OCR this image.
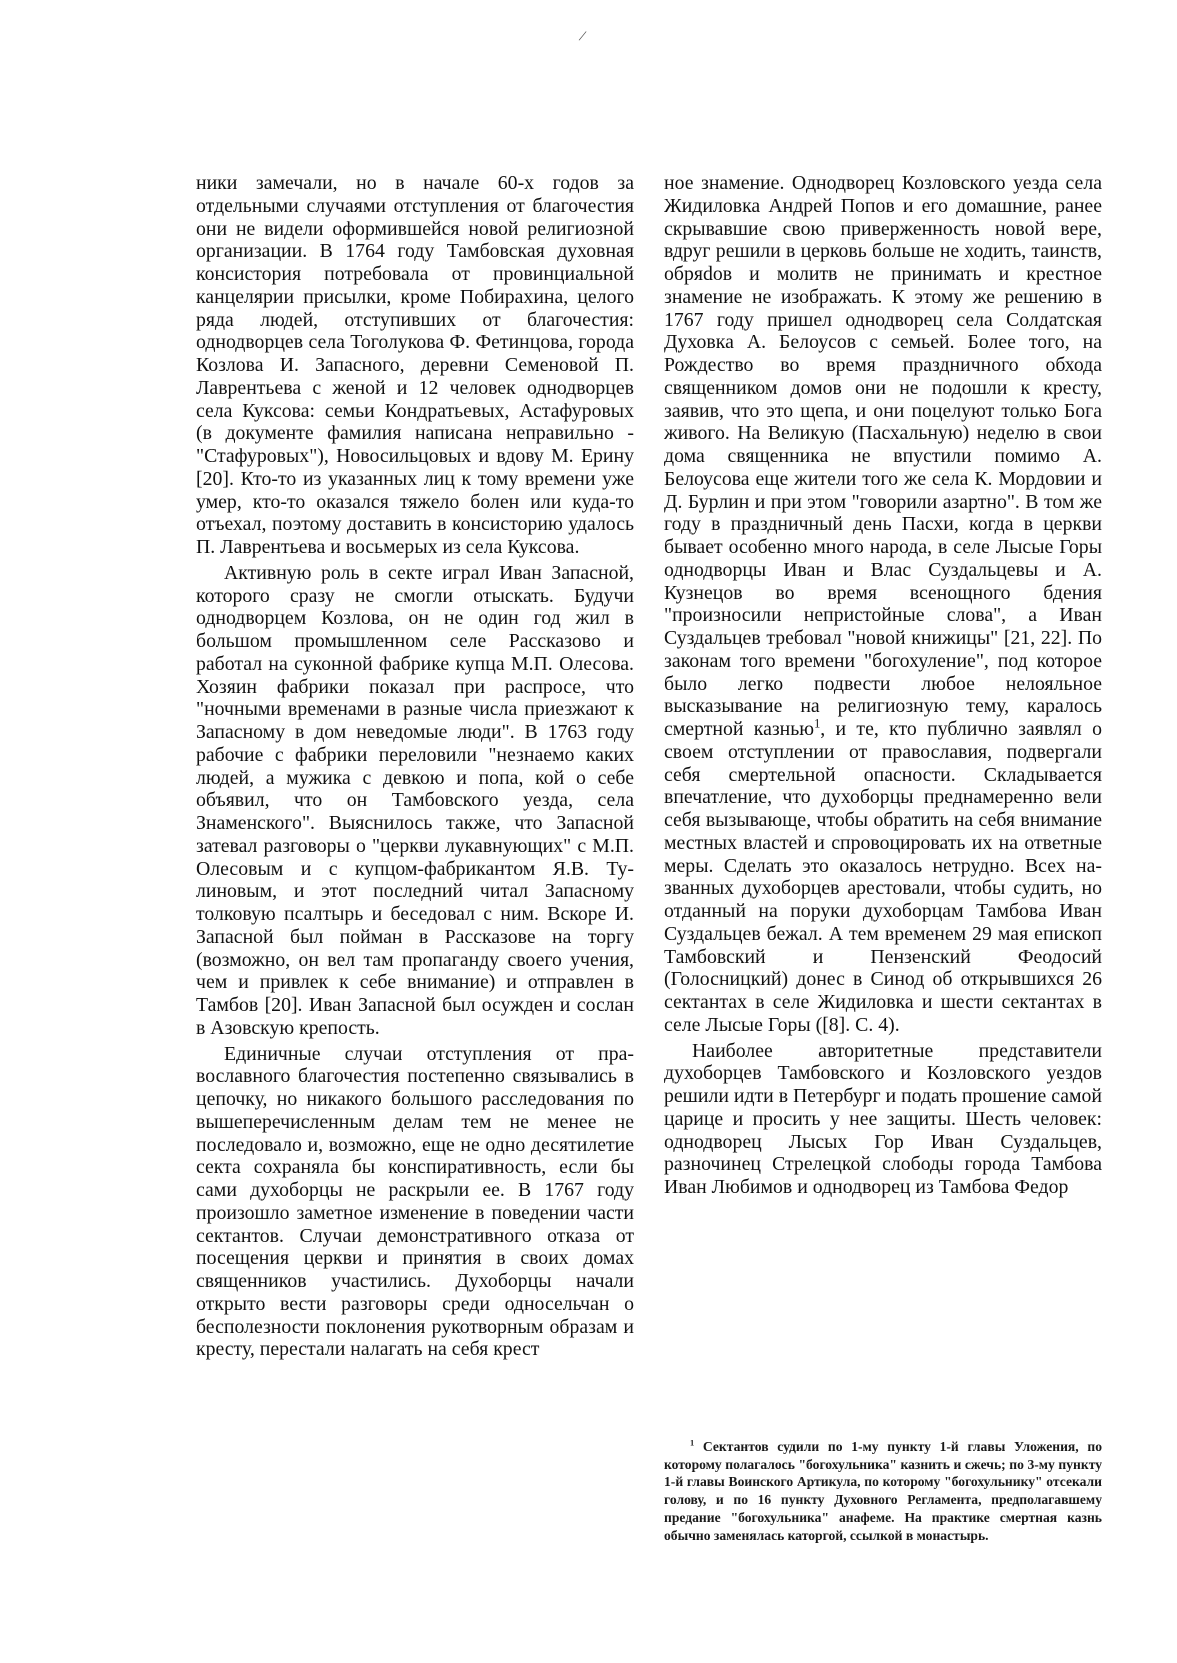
/

ники замечали, но в начале 60-х годов за отдельными случаями отступления от благочестия они не видели оформившейся новой религиозной организации. В 1764 году Тамбовская духовная консистория потребовала от провинциальной канцелярии присылки, кроме Побирахина, целого ряда людей, отступивших от благочестия: однодворцев села Тоголукова Ф. Фетинцова, города Козлова И. Запасного, деревни Семеновой П. Лаврентьева с женой и 12 человек однодворцев села Куксова: семьи Кондратьевых, Астафуровых (в документе фамилия написана неправильно - "Стафуровых"), Новосильцовых и вдову М. Ерину [20]. Кто-то из указанных лиц к тому времени уже умер, кто-то оказался тяжело болен или куда-то отъехал, поэтому доставить в консисторию удалось П. Лаврентьева и восьмерых из села Куксова.

Активную роль в секте играл Иван Запасной, которого сразу не смогли отыскать. Будучи однодворцем Козлова, он не один год жил в большом промышленном селе Рассказово и работал на суконной фабрике купца М.П. Олесова. Хозяин фабрики показал при распросе, что "ночными временами в разные числа приезжают к Запасному в дом неведомые люди". В 1763 году рабочие с фабрики переловили "незнаемо каких людей, а мужика с девкою и попа, кой о себе объявил, что он Тамбовского уезда, села Знаменского". Выяснилось также, что Запасной затевал разговоры о "церкви лукавнующих" с М.П. Олесовым и с купцом-фабрикантом Я.В. Тулиновым, и этот последний читал Запасному толковую псалтырь и беседовал с ним. Вскоре И. Запасной был пойман в Рассказове на торгу (возможно, он вел там пропаганду своего учения, чем и привлек к себе внимание) и отправлен в Тамбов [20]. Иван Запасной был осужден и сослан в Азовскую крепость.

Единичные случаи отступления от православного благочестия постепенно связывались в цепочку, но никакого большого расследования по вышеперечисленным делам тем не менее не последовало и, возможно, еще не одно десятилетие секта сохраняла бы конспиративность, если бы сами духоборцы не раскрыли ее. В 1767 году произошло заметное изменение в поведении части сектантов. Случаи демонстративного отказа от посещения церкви и принятия в своих домах священников участились. Духоборцы начали открыто вести разговоры среди односельчан о бесполезности поклонения рукотворным образам и кресту, перестали налагать на себя крест

ное знамение. Однодворец Козловского уезда села Жидиловка Андрей Попов и его домашние, ранее скрывавшие свою приверженность новой вере, вдруг решили в церковь больше не ходить, таинств, обряdов и молитв не принимать и крестное знамение не изображать. К этому же решению в 1767 году пришел однодворец села Солдатская Духовка А. Белоусов с семьей. Более того, на Рождество во время праздничного обхода священником домов они не подошли к кресту, заявив, что это щепа, и они поцелуют только Бога живого. На Великую (Пасхальную) неделю в свои дома священника не впустили помимо А. Белоусова еще жители того же села К. Мордовии и Д. Бурлин и при этом "говорили азартно". В том же году в праздничный день Пасхи, когда в церкви бывает особенно много народа, в селе Лысые Горы однодворцы Иван и Влас Суздальцевы и А. Кузнецов во время всенощного бдения "произносили непристойные слова", а Иван Суздальцев требовал "новой книжицы" [21, 22]. По законам того времени "богохуление", под которое было легко подвести любое нелояльное высказывание на религиозную тему, каралось смертной казнью$^1$, и те, кто публично заявлял о своем отступлении от православия, подвергали себя смертельной опасности. Складывается впечатление, что духоборцы преднамеренно вели себя вызывающе, чтобы обратить на себя внимание местных властей и спровоцировать их на ответные меры. Сделать это оказалось нетрудно. Всех названных духоборцев арестовали, чтобы судить, но отданный на поруки духоборцам Тамбова Иван Суздальцев бежал. А тем временем 29 мая епископ Тамбовский и Пензенский Феодосий (Голосницкий) донес в Синод об открывшихся 26 сектантах в селе Жидиловка и шести сектантах в селе Лысые Горы ([8]. С. 4).

Наиболее авторитетные представители духоборцев Тамбовского и Козловского уездов решили идти в Петербург и подать прошение самой царице и просить у нее защиты. Шесть человек: однодворец Лысых Гор Иван Суздальцев, разночинец Стрелецкой слободы города Тамбова Иван Любимов и однодворец из Тамбова Федор

$^1$ Сектантов судили по 1-му пункту 1-й главы Уложения, по которому полагалось "богохульника" казнить и сжечь; по 3-му пункту 1-й главы Воинского Артикула, по которому "богохульнику" отсекали голову, и по 16 пункту Духовного Регламента, предполагавшему предание "богохульника" анафеме. На практике смертная казнь обычно заменялась каторгой, ссылкой в монастырь.
